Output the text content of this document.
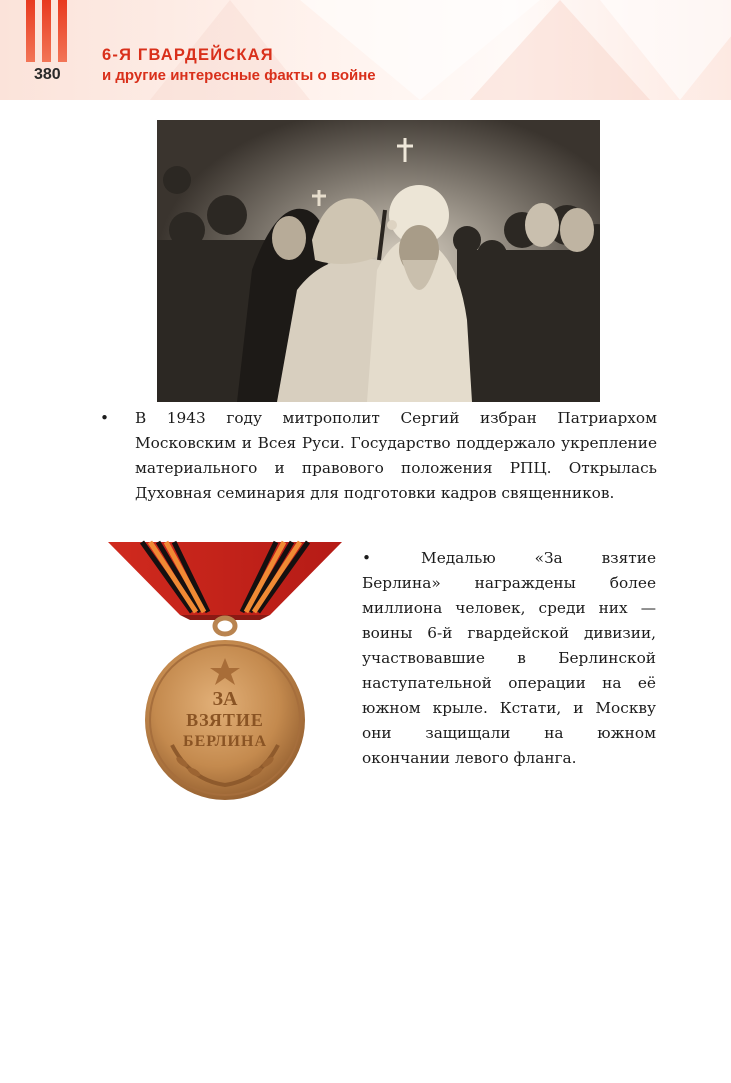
380
6-Я ГВАРДЕЙСКАЯ
и другие интересные факты о войне
• В 1943 году митрополит Сергий избран Патриархом Московским и Всея Руси. Государство поддержало укрепление материального и правового положения РПЦ. Открылась Духовная семинария для подготовки кадров священников.
ЗА
ВЗЯТИЕ
БЕРЛИНА
•	Медалью «За взятие Берлина» награждены более миллиона человек, среди них — воины 6-й гвардейской дивизии, участвовавшие в Берлинской наступательной операции на её южном крыле. Кстати, и Москву они защищали на южном окончании левого фланга.
